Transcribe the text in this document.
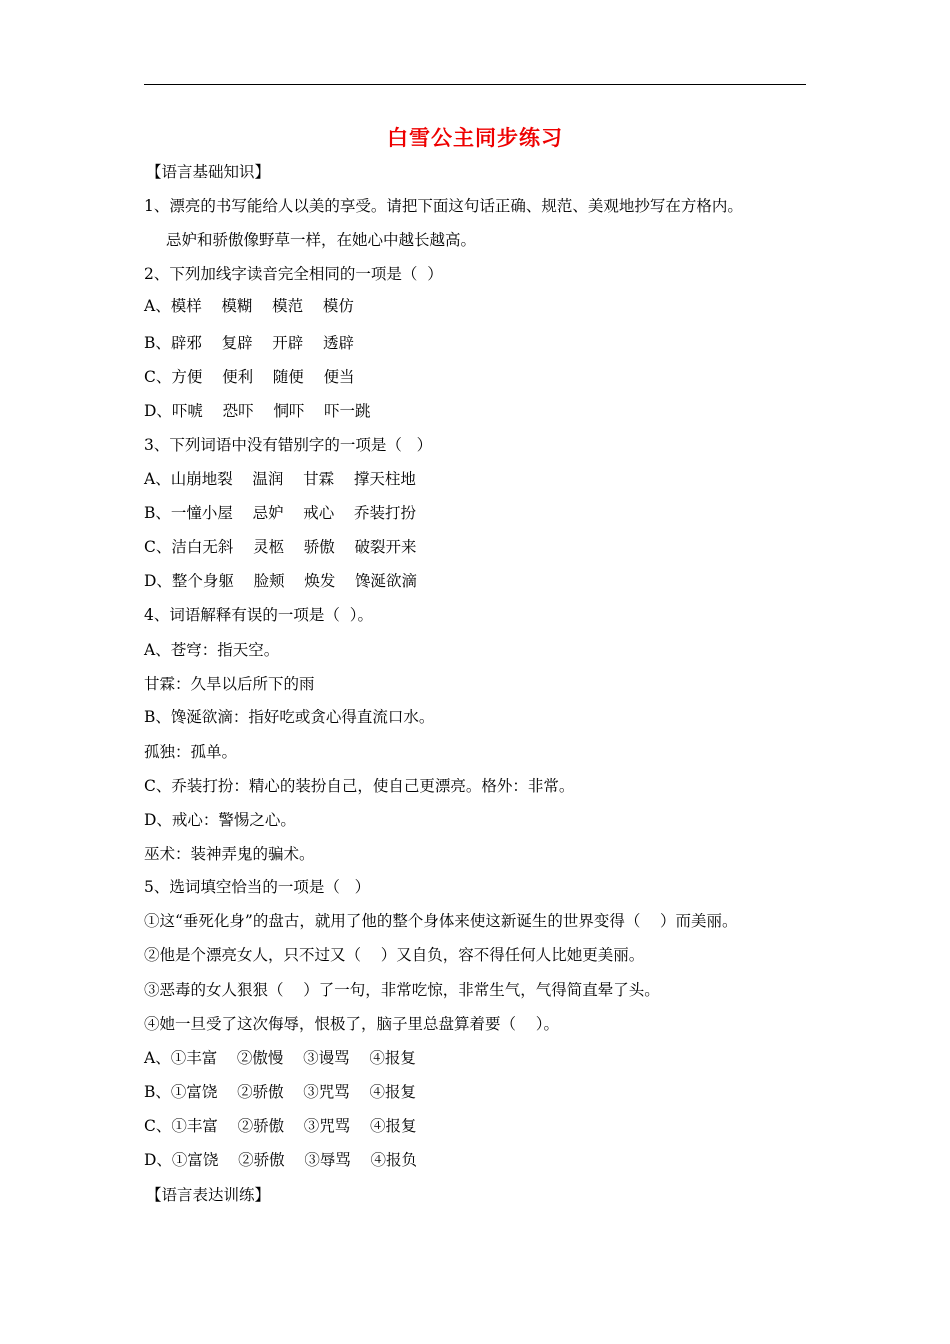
白雪公主同步练习
【语言基础知识】
1、漂亮的书写能给人以美的享受。请把下面这句话正确、规范、美观地抄写在方格内。
忌妒和骄傲像野草一样，在她心中越长越高。
2、下列加线字读音完全相同的一项是（  ）
A、模样    模糊    模范    模仿
B、辟邪    复辟    开辟    透辟
C、方便    便利    随便    便当
D、吓唬    恐吓    恫吓    吓一跳
3、下列词语中没有错别字的一项是（   ）
A、山崩地裂    温润    甘霖    撑天柱地
B、一憧小屋    忌妒    戒心    乔装打扮
C、洁白无斜    灵柩    骄傲    破裂开来
D、整个身躯    脸颊    焕发    馋涎欲滴
4、词语解释有误的一项是（  ）。
A、苍穹：指天空。
甘霖：久旱以后所下的雨
B、馋涎欲滴：指好吃或贪心得直流口水。
孤独：孤单。
C、乔装打扮：精心的装扮自己，使自己更漂亮。格外：非常。
D、戒心：警惕之心。
巫术：装神弄鬼的骗术。
5、选词填空恰当的一项是（   ）
①这“垂死化身”的盘古，就用了他的整个身体来使这新诞生的世界变得（    ）而美丽。
②他是个漂亮女人，只不过又（    ）又自负，容不得任何人比她更美丽。
③恶毒的女人狠狠（    ）了一句，非常吃惊，非常生气，气得简直晕了头。
④她一旦受了这次侮辱，恨极了，脑子里总盘算着要（    ）。
A、①丰富    ②傲慢    ③谩骂    ④报复
B、①富饶    ②骄傲    ③咒骂    ④报复
C、①丰富    ②骄傲    ③咒骂    ④报复
D、①富饶    ②骄傲    ③辱骂    ④报负
【语言表达训练】
